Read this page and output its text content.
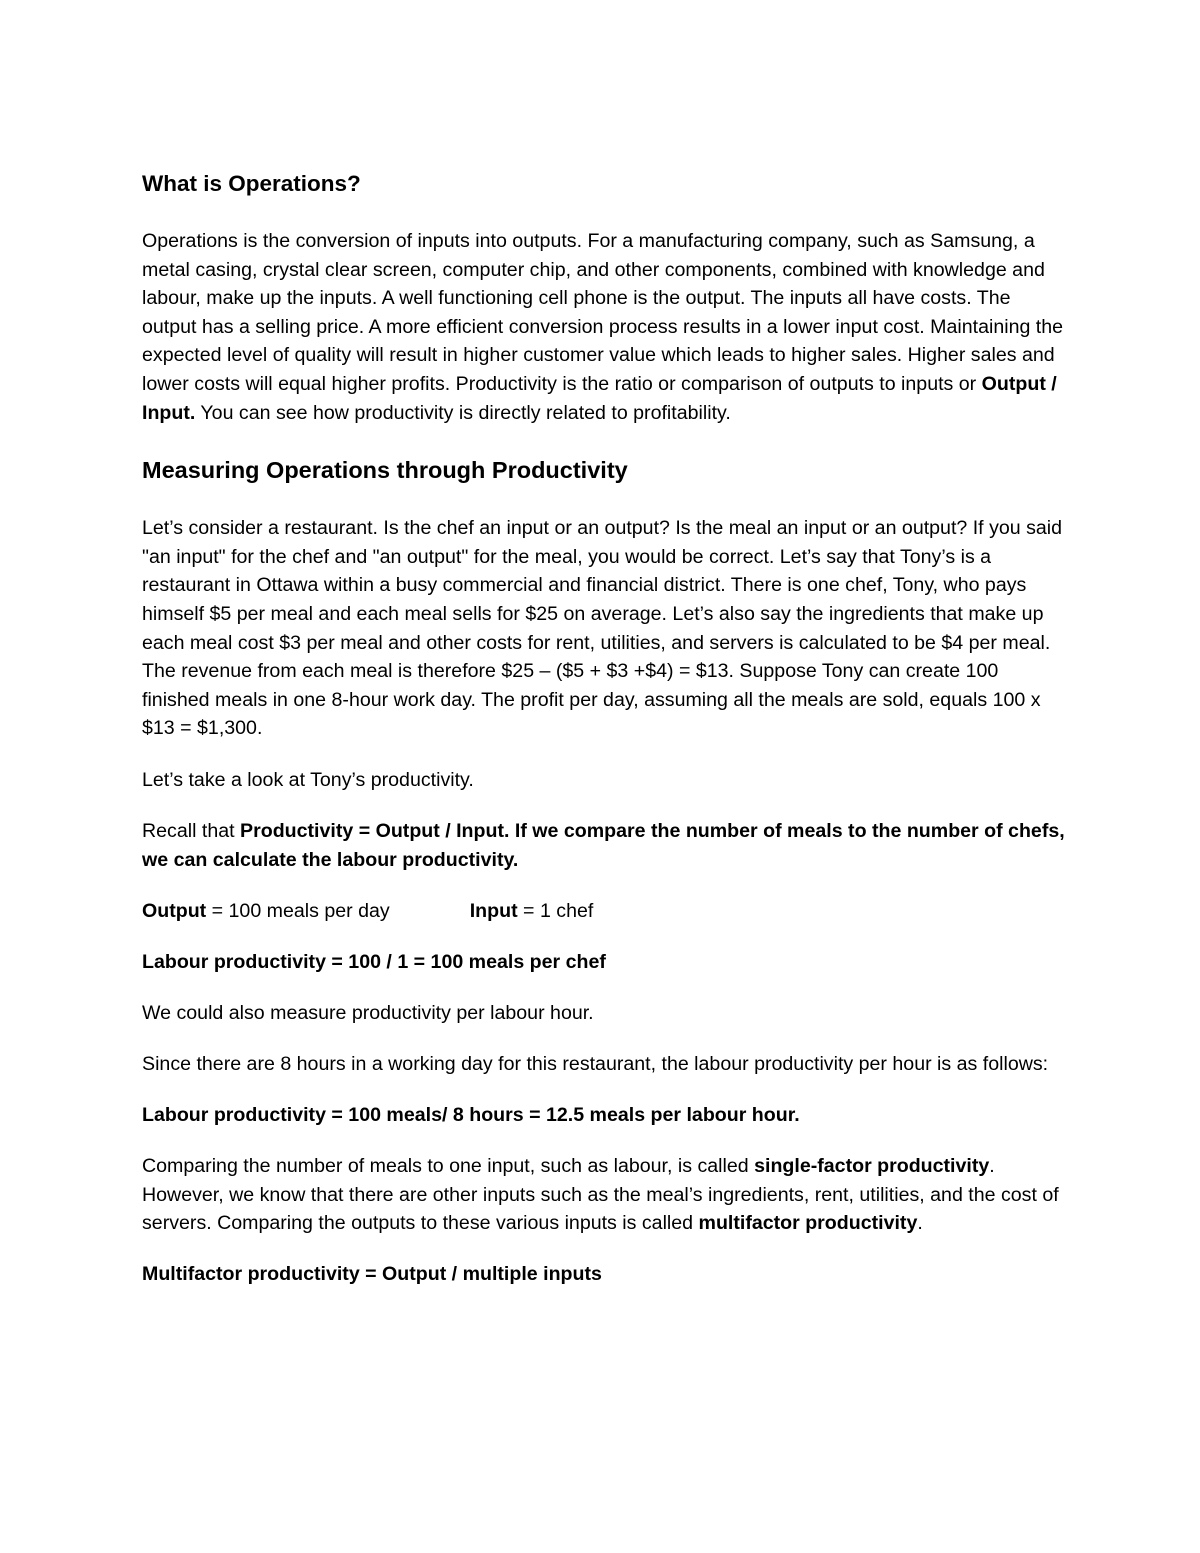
What is Operations?
Operations is the conversion of inputs into outputs. For a manufacturing company, such as Samsung, a metal casing, crystal clear screen, computer chip, and other components, combined with knowledge and labour, make up the inputs. A well functioning cell phone is the output. The inputs all have costs. The output has a selling price. A more efficient conversion process results in a lower input cost. Maintaining the expected level of quality will result in higher customer value which leads to higher sales. Higher sales and lower costs will equal higher profits. Productivity is the ratio or comparison of outputs to inputs or Output / Input. You can see how productivity is directly related to profitability.
Measuring Operations through Productivity
Let’s consider a restaurant. Is the chef an input or an output? Is the meal an input or an output? If you said "an input" for the chef and "an output" for the meal, you would be correct. Let’s say that Tony’s is a restaurant in Ottawa within a busy commercial and financial district. There is one chef, Tony, who pays himself $5 per meal and each meal sells for $25 on average. Let’s also say the ingredients that make up each meal cost $3 per meal and other costs for rent, utilities, and servers is calculated to be $4 per meal. The revenue from each meal is therefore $25 – ($5 + $3 +$4) = $13. Suppose Tony can create 100 finished meals in one 8-hour work day. The profit per day, assuming all the meals are sold, equals 100 x $13 = $1,300.
Let’s take a look at Tony’s productivity.
Recall that Productivity = Output / Input. If we compare the number of meals to the number of chefs, we can calculate the labour productivity.
Output = 100 meals per day	Input = 1 chef
Labour productivity = 100 / 1 = 100 meals per chef
We could also measure productivity per labour hour.
Since there are 8 hours in a working day for this restaurant, the labour productivity per hour is as follows:
Labour productivity = 100 meals/ 8 hours = 12.5 meals per labour hour.
Comparing the number of meals to one input, such as labour, is called single-factor productivity. However, we know that there are other inputs such as the meal’s ingredients, rent, utilities, and the cost of servers. Comparing the outputs to these various inputs is called multifactor productivity.
Multifactor productivity = Output / multiple inputs
